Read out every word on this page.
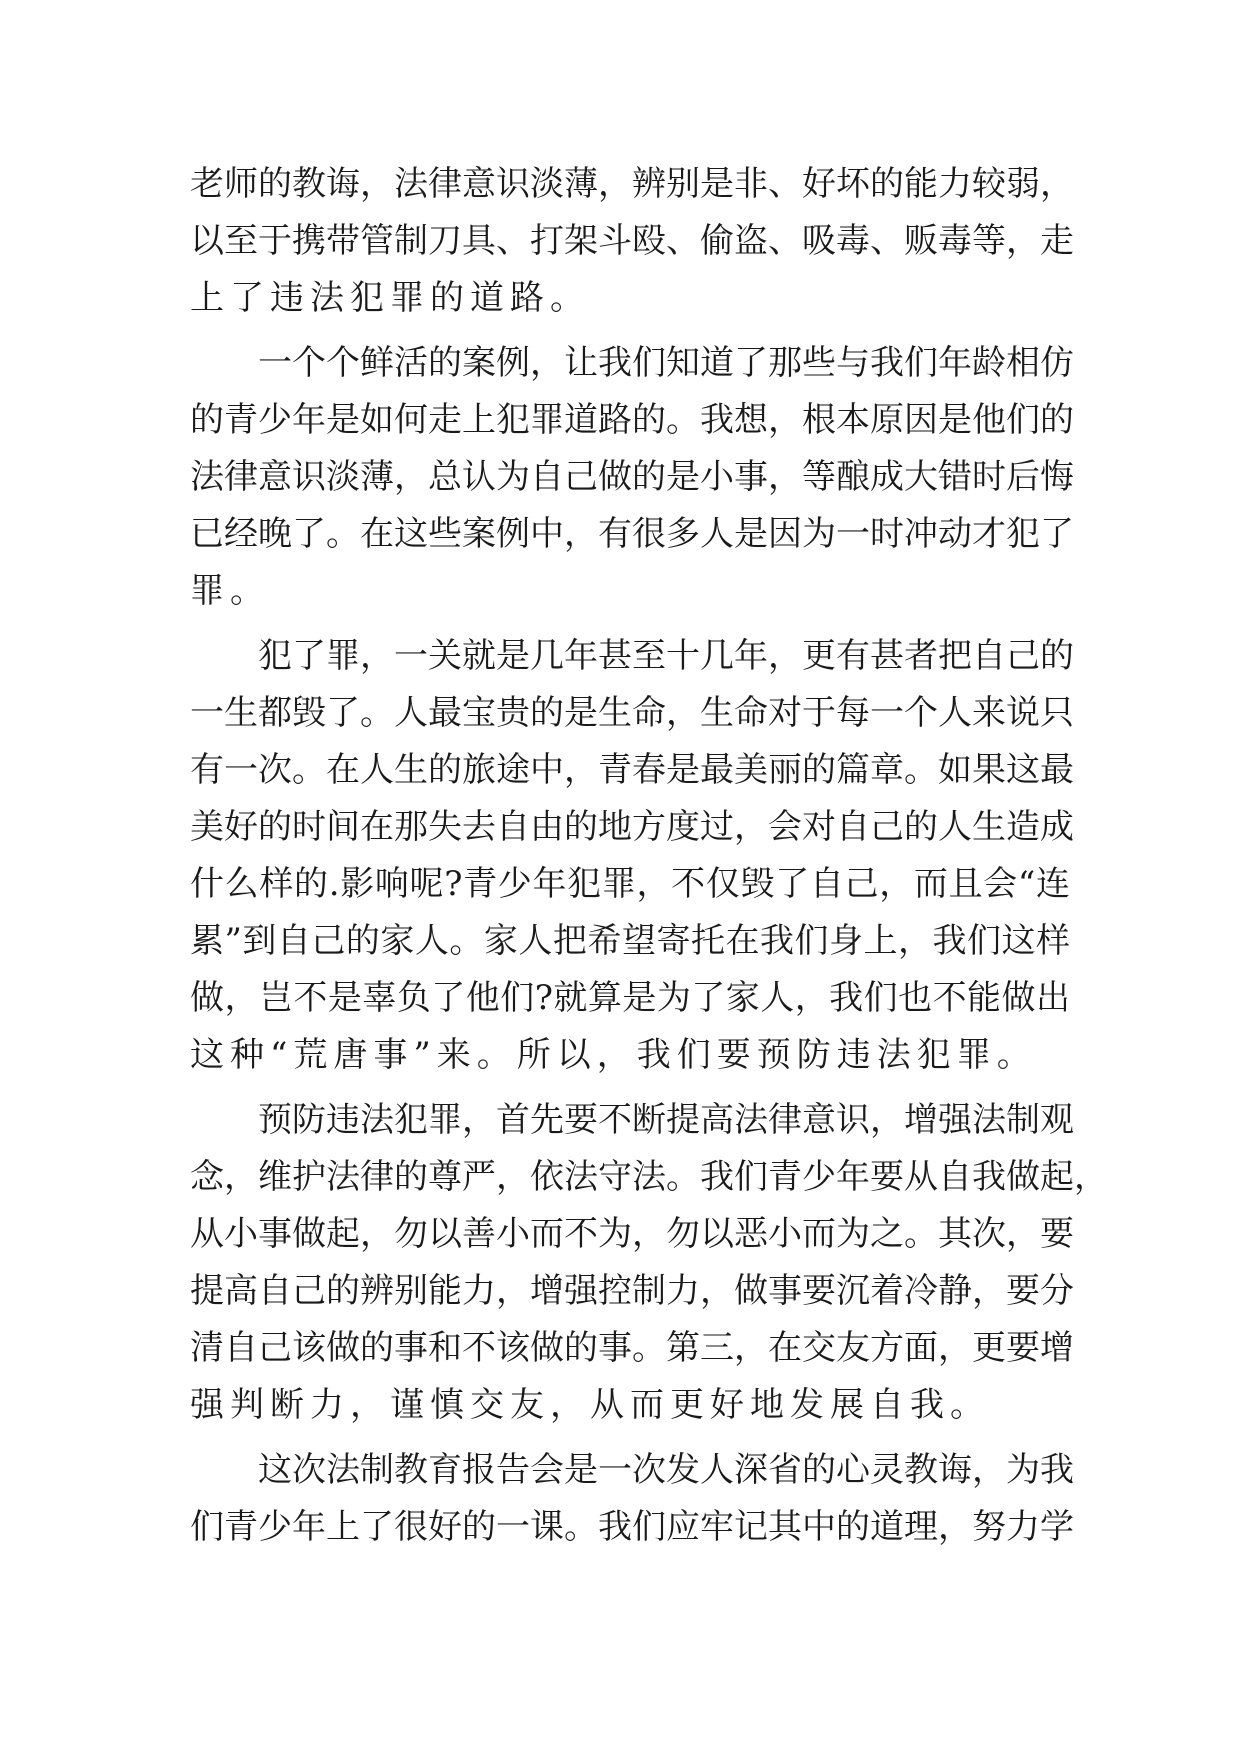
老师的教诲，法律意识淡薄，辨别是非、好坏的能力较弱，
以至于携带管制刀具、打架斗殴、偷盗、吸毒、贩毒等，走
上了违法犯罪的道路。
一个个鲜活的案例，让我们知道了那些与我们年龄相仿
的青少年是如何走上犯罪道路的。我想，根本原因是他们的
法律意识淡薄，总认为自己做的是小事，等酿成大错时后悔
已经晚了。在这些案例中，有很多人是因为一时冲动才犯了
罪。
犯了罪，一关就是几年甚至十几年，更有甚者把自己的
一生都毁了。人最宝贵的是生命，生命对于每一个人来说只
有一次。在人生的旅途中，青春是最美丽的篇章。如果这最
美好的时间在那失去自由的地方度过，会对自己的人生造成
什么样的.影响呢?青少年犯罪，不仅毁了自己，而且会“连
累”到自己的家人。家人把希望寄托在我们身上，我们这样
做，岂不是辜负了他们?就算是为了家人，我们也不能做出
这种“荒唐事”来。所以，我们要预防违法犯罪。
预防违法犯罪，首先要不断提高法律意识，增强法制观
念，维护法律的尊严，依法守法。我们青少年要从自我做起，
从小事做起，勿以善小而不为，勿以恶小而为之。其次，要
提高自己的辨别能力，增强控制力，做事要沉着冷静，要分
清自己该做的事和不该做的事。第三，在交友方面，更要增
强判断力，谨慎交友，从而更好地发展自我。
这次法制教育报告会是一次发人深省的心灵教诲，为我
们青少年上了很好的一课。我们应牢记其中的道理，努力学
